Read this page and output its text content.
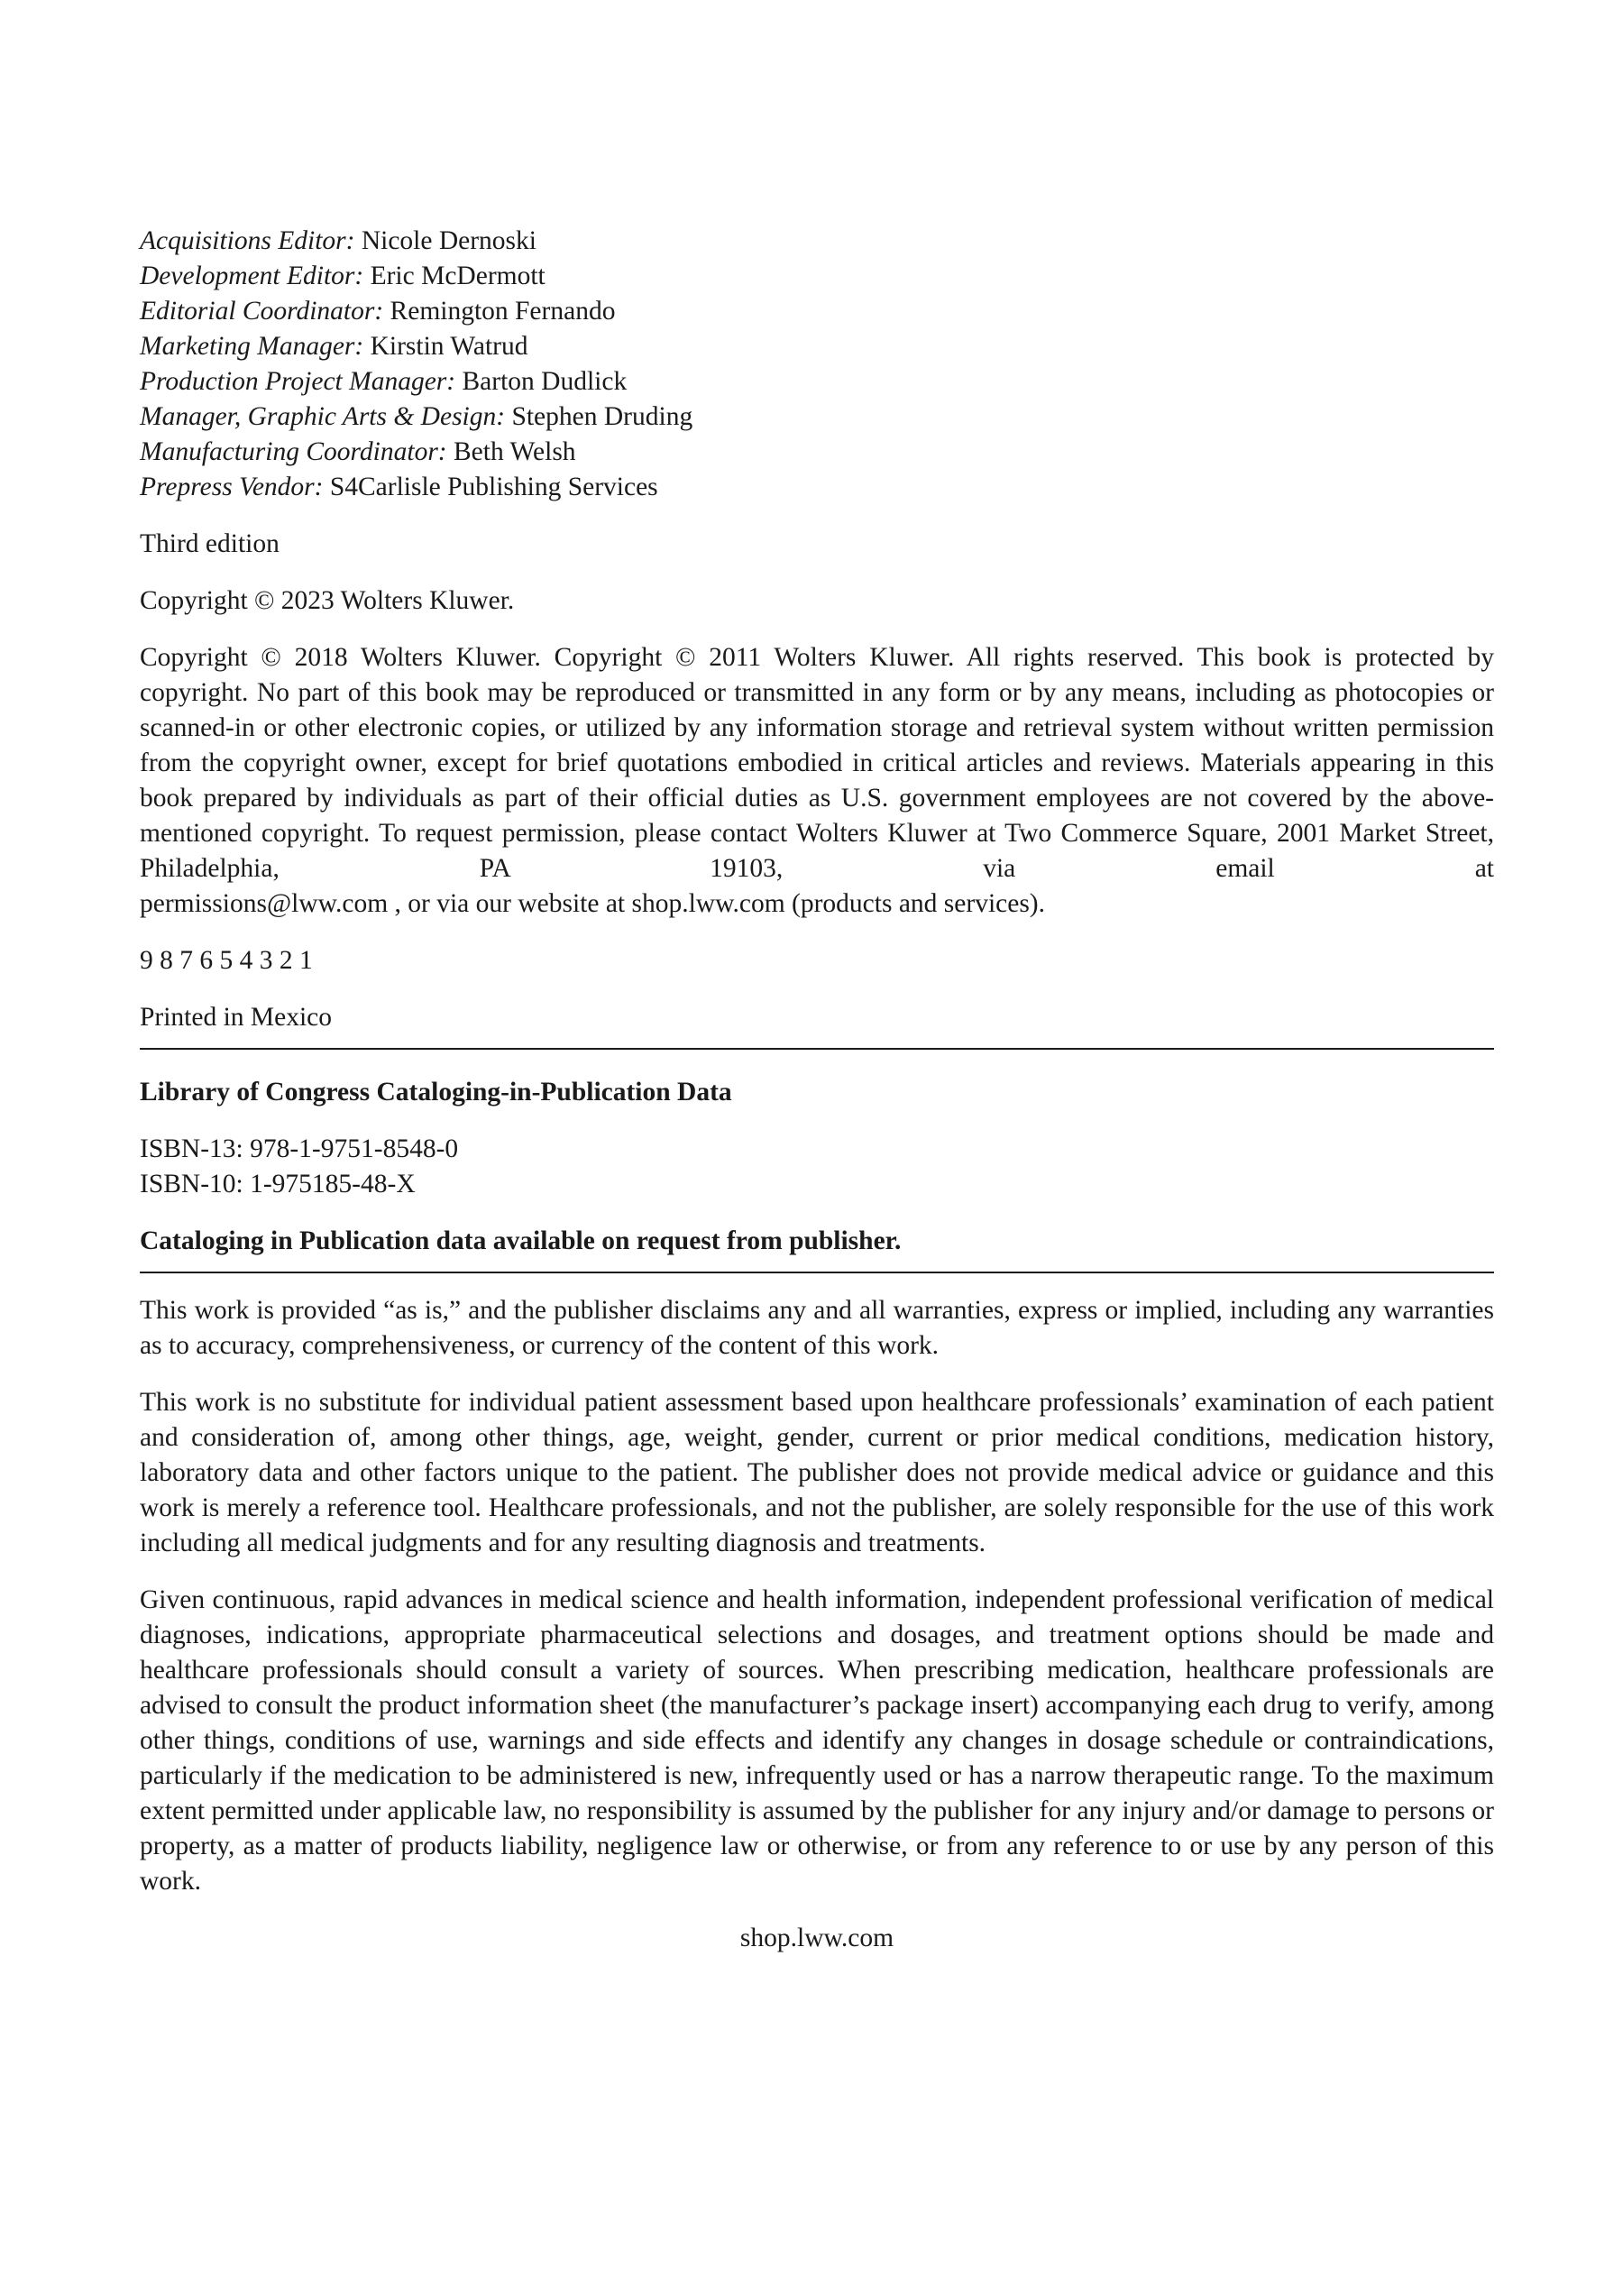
Acquisitions Editor: Nicole Dernoski
Development Editor: Eric McDermott
Editorial Coordinator: Remington Fernando
Marketing Manager: Kirstin Watrud
Production Project Manager: Barton Dudlick
Manager, Graphic Arts & Design: Stephen Druding
Manufacturing Coordinator: Beth Welsh
Prepress Vendor: S4Carlisle Publishing Services

Third edition

Copyright © 2023 Wolters Kluwer.

Copyright © 2018 Wolters Kluwer. Copyright © 2011 Wolters Kluwer. All rights reserved. This book is protected by copyright. No part of this book may be reproduced or transmitted in any form or by any means, including as photocopies or scanned-in or other electronic copies, or utilized by any information storage and retrieval system without written permission from the copyright owner, except for brief quotations embodied in critical articles and reviews. Materials appearing in this book prepared by individuals as part of their official duties as U.S. government employees are not covered by the above-mentioned copyright. To request permission, please contact Wolters Kluwer at Two Commerce Square, 2001 Market Street, Philadelphia, PA 19103, via email at

permissions@lww.com , or via our website at shop.lww.com (products and services).

9 8 7 6 5 4 3 2 1

Printed in Mexico

Library of Congress Cataloging-in-Publication Data

ISBN-13: 978-1-9751-8548-0

ISBN-10: 1-975185-48-X

Cataloging in Publication data available on request from publisher.

This work is provided “as is,” and the publisher disclaims any and all warranties, express or implied, including any warranties as to accuracy, comprehensiveness, or currency of the content of this work.

This work is no substitute for individual patient assessment based upon healthcare professionals’ examination of each patient and consideration of, among other things, age, weight, gender, current or prior medical conditions, medication history, laboratory data and other factors unique to the patient. The publisher does not provide medical advice or guidance and this work is merely a reference tool. Healthcare professionals, and not the publisher, are solely responsible for the use of this work including all medical judgments and for any resulting diagnosis and treatments.

Given continuous, rapid advances in medical science and health information, independent professional verification of medical diagnoses, indications, appropriate pharmaceutical selections and dosages, and treatment options should be made and healthcare professionals should consult a variety of sources. When prescribing medication, healthcare professionals are advised to consult the product information sheet (the manufacturer’s package insert) accompanying each drug to verify, among other things, conditions of use, warnings and side effects and identify any changes in dosage schedule or contraindications, particularly if the medication to be administered is new, infrequently used or has a narrow therapeutic range. To the maximum extent permitted under applicable law, no responsibility is assumed by the publisher for any injury and/or damage to persons or property, as a matter of products liability, negligence law or otherwise, or from any reference to or use by any person of this work.

shop.lww.com
